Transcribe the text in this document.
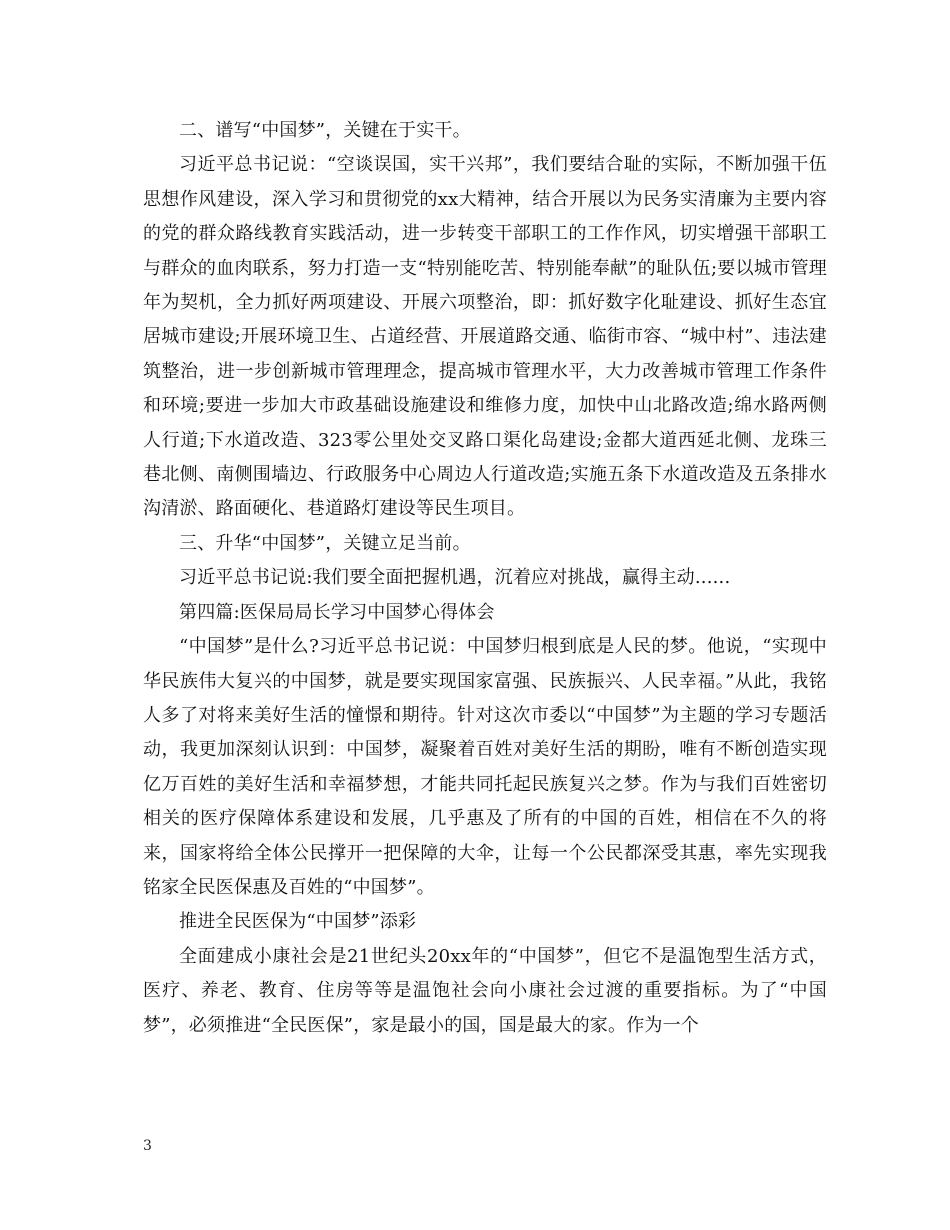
二、谱写“中国梦”，关键在于实干。

习近平总书记说：“空谈误国，实干兴邦”，我们要结合耻的实际，不断加强干伍思想作风建设，深入学习和贯彻党的xx大精神，结合开展以为民务实清廉为主要内容的党的群众路线教育实践活动，进一步转变干部职工的工作作风，切实增强干部职工与群众的血肉联系，努力打造一支“特别能吃苦、特别能奉献”的耻队伍;要以城市管理年为契机，全力抓好两项建设、开展六项整治，即：抓好数字化耻建设、抓好生态宜居城市建设;开展环境卫生、占道经营、开展道路交通、临街市容、“城中村”、违法建筑整治，进一步创新城市管理理念，提高城市管理水平，大力改善城市管理工作条件和环境;要进一步加大市政基础设施建设和维修力度，加快中山北路改造;绵水路两侧人行道;下水道改造、323零公里处交叉路口渠化岛建设;金都大道西延北侧、龙珠三巷北侧、南侧围墙边、行政服务中心周边人行道改造;实施五条下水道改造及五条排水沟清淤、路面硬化、巷道路灯建设等民生项目。

三、升华“中国梦”，关键立足当前。

习近平总书记说:我们要全面把握机遇，沉着应对挑战，赢得主动......

第四篇:医保局局长学习中国梦心得体会

“中国梦”是什么?习近平总书记说：中国梦归根到底是人民的梦。他说，“实现中华民族伟大复兴的中国梦，就是要实现国家富强、民族振兴、人民幸福。”从此，我铭人多了对将来美好生活的憧憬和期待。针对这次市委以“中国梦”为主题的学习专题活动，我更加深刻认识到：中国梦，凝聚着百姓对美好生活的期盼，唯有不断创造实现亿万百姓的美好生活和幸福梦想，才能共同托起民族复兴之梦。作为与我们百姓密切相关的医疗保障体系建设和发展，几乎惠及了所有的中国的百姓，相信在不久的将来，国家将给全体公民撑开一把保障的大伞，让每一个公民都深受其惠，率先实现我铭家全民医保惠及百姓的“中国梦”。

推进全民医保为“中国梦”添彩

全面建成小康社会是21世纪头20xx年的“中国梦”，但它不是温饱型生活方式，医疗、养老、教育、住房等等是温饱社会向小康社会过渡的重要指标。为了“中国梦”，必须推进“全民医保”，家是最小的国，国是最大的家。作为一个

3
